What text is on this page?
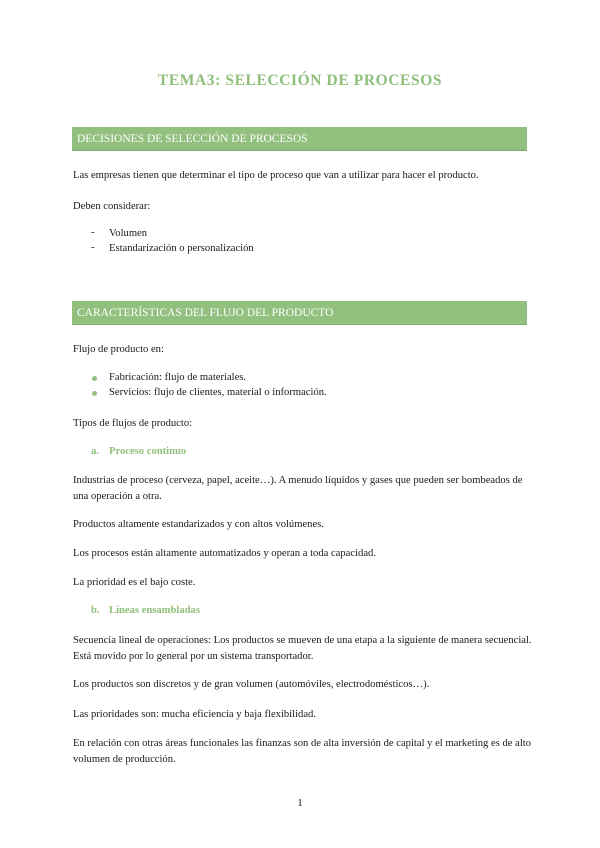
TEMA3: SELECCIÓN DE PROCESOS
DECISIONES DE SELECCIÓN DE PROCESOS
Las empresas tienen que determinar el tipo de proceso que van a utilizar para hacer el producto.
Deben considerar:
- Volumen
- Estandarización o personalización
CARACTERÍSTICAS DEL FLUJO DEL PRODUCTO
Flujo de producto en:
Fabricación: flujo de materiales.
Servicios: flujo de clientes, material o información.
Tipos de flujos de producto:
a. Proceso continuo
Industrias de proceso (cerveza, papel, aceite…). A menudo líquidos y gases que pueden ser bombeados de una operación a otra.
Productos altamente estandarizados y con altos volúmenes.
Los procesos están altamente automatizados y operan a toda capacidad.
La prioridad es el bajo coste.
b. Líneas ensambladas
Secuencia lineal de operaciones: Los productos se mueven de una etapa a la siguiente de manera secuencial. Está movido por lo general por un sistema transportador.
Los productos son discretos y de gran volumen (automóviles, electrodomésticos…).
Las prioridades son: mucha eficiencia y baja flexibilidad.
En relación con otras áreas funcionales las finanzas son de alta inversión de capital y el marketing es de alto volumen de producción.
1
